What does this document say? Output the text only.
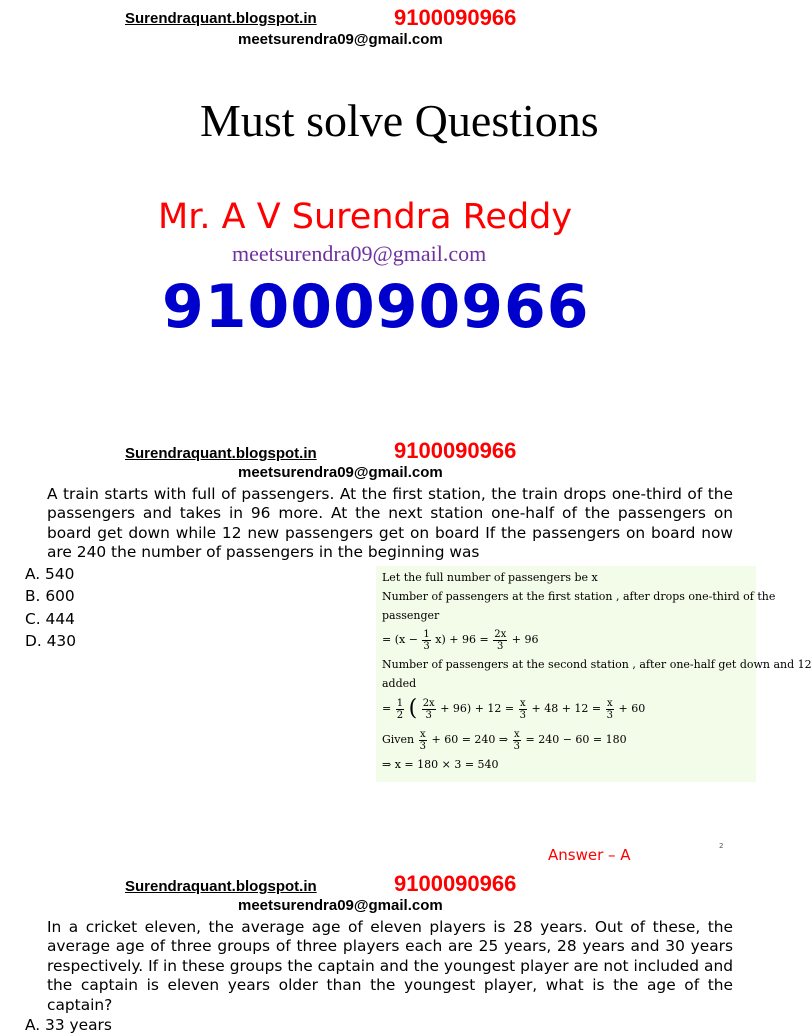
Surendraquant.blogspot.in	9100090966
meetsurendra09@gmail.com
Must solve Questions
Mr. A V Surendra Reddy
meetsurendra09@gmail.com
9100090966
Surendraquant.blogspot.in	9100090966
meetsurendra09@gmail.com
A train starts with full of passengers. At the first station, the train drops one-third of the passengers and takes in 96 more. At the next station one-half of the passengers on board get down while 12 new passengers get on board If the passengers on board now are 240 the number of passengers in the beginning was
A. 540
B. 600
C. 444
D. 430
Let the full number of passengers be x
Number of passengers at the first station , after drops one-third of the
passenger
= $(x - \frac{1}{3} x) + 96 = \frac{2x}{3} + 96$
Number of passengers at the second station , after one-half get down and 12
added
= $\frac{1}{2}$ ( $\frac{2x}{3} + 96) + 12 = \frac{x}{3} + 48 + 12 = \frac{x}{3} + 60$
Given $\frac{x}{3} + 60 = 240$ ⇒ $\frac{x}{3} = 240 - 60 = 180$
⇒ x = 180 × 3 = 540
Answer – A	2
Surendraquant.blogspot.in	9100090966
meetsurendra09@gmail.com
In a cricket eleven, the average age of eleven players is 28 years. Out of these, the average age of three groups of three players each are 25 years, 28 years and 30 years respectively. If in these groups the captain and the youngest player are not included and the captain is eleven years older than the youngest player, what is the age of the captain?
A. 33 years
